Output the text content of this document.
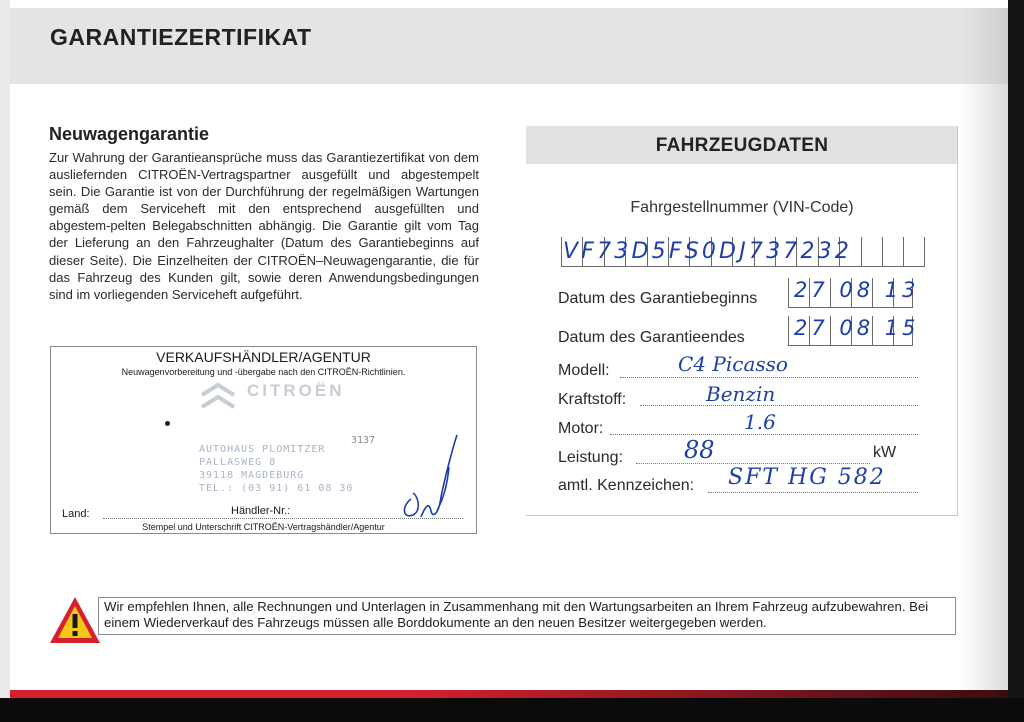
GARANTIEZERTIFIKAT
Neuwagengarantie
Zur Wahrung der Garantieansprüche muss das Garantiezertifikat von dem ausliefernden CITROËN-Vertragspartner ausgefüllt und abgestempelt sein. Die Garantie ist von der Durchführung der regelmäßigen Wartungen gemäß dem Serviceheft mit den entsprechend ausgefüllten und abgestem-pelten Belegabschnitten abhängig. Die Garantie gilt vom Tag der Lieferung an den Fahrzeughalter (Datum des Garantiebeginns auf dieser Seite). Die Einzelheiten der CITROËN–Neuwagengarantie, die für das Fahrzeug des Kunden gilt, sowie deren Anwendungsbedingungen sind im vorliegenden Serviceheft aufgeführt.
VERKAUFSHÄNDLER/AGENTUR
Neuwagenvorbereitung und -übergabe nach den CITROËN-Richtlinien.
CITROËN
3137
AUTOHAUS PLOMITZER
PALLASWEG 8
39118 MAGDEBURG
TEL.: (03 91) 61 08 30
Land:	Händler-Nr.:
Stempel und Unterschrift CITROËN-Vertragshändler/Agentur
FAHRZEUGDATEN
Fahrgestellnummer (VIN-Code)
VF73D5FS0DJ737232
Datum des Garantiebeginns 27 08 13
Datum des Garantieendes 27 08 15
Modell:	C4 Picasso
Kraftstoff:	Benzin
Motor:	1.6
Leistung:	88	kW
amtl. Kennzeichen: SFT HG 582
Wir empfehlen Ihnen, alle Rechnungen und Unterlagen in Zusammenhang mit den Wartungsarbeiten an Ihrem Fahrzeug aufzubewahren. Bei einem Wiederverkauf des Fahrzeugs müssen alle Borddokumente an den neuen Besitzer weitergegeben werden.
